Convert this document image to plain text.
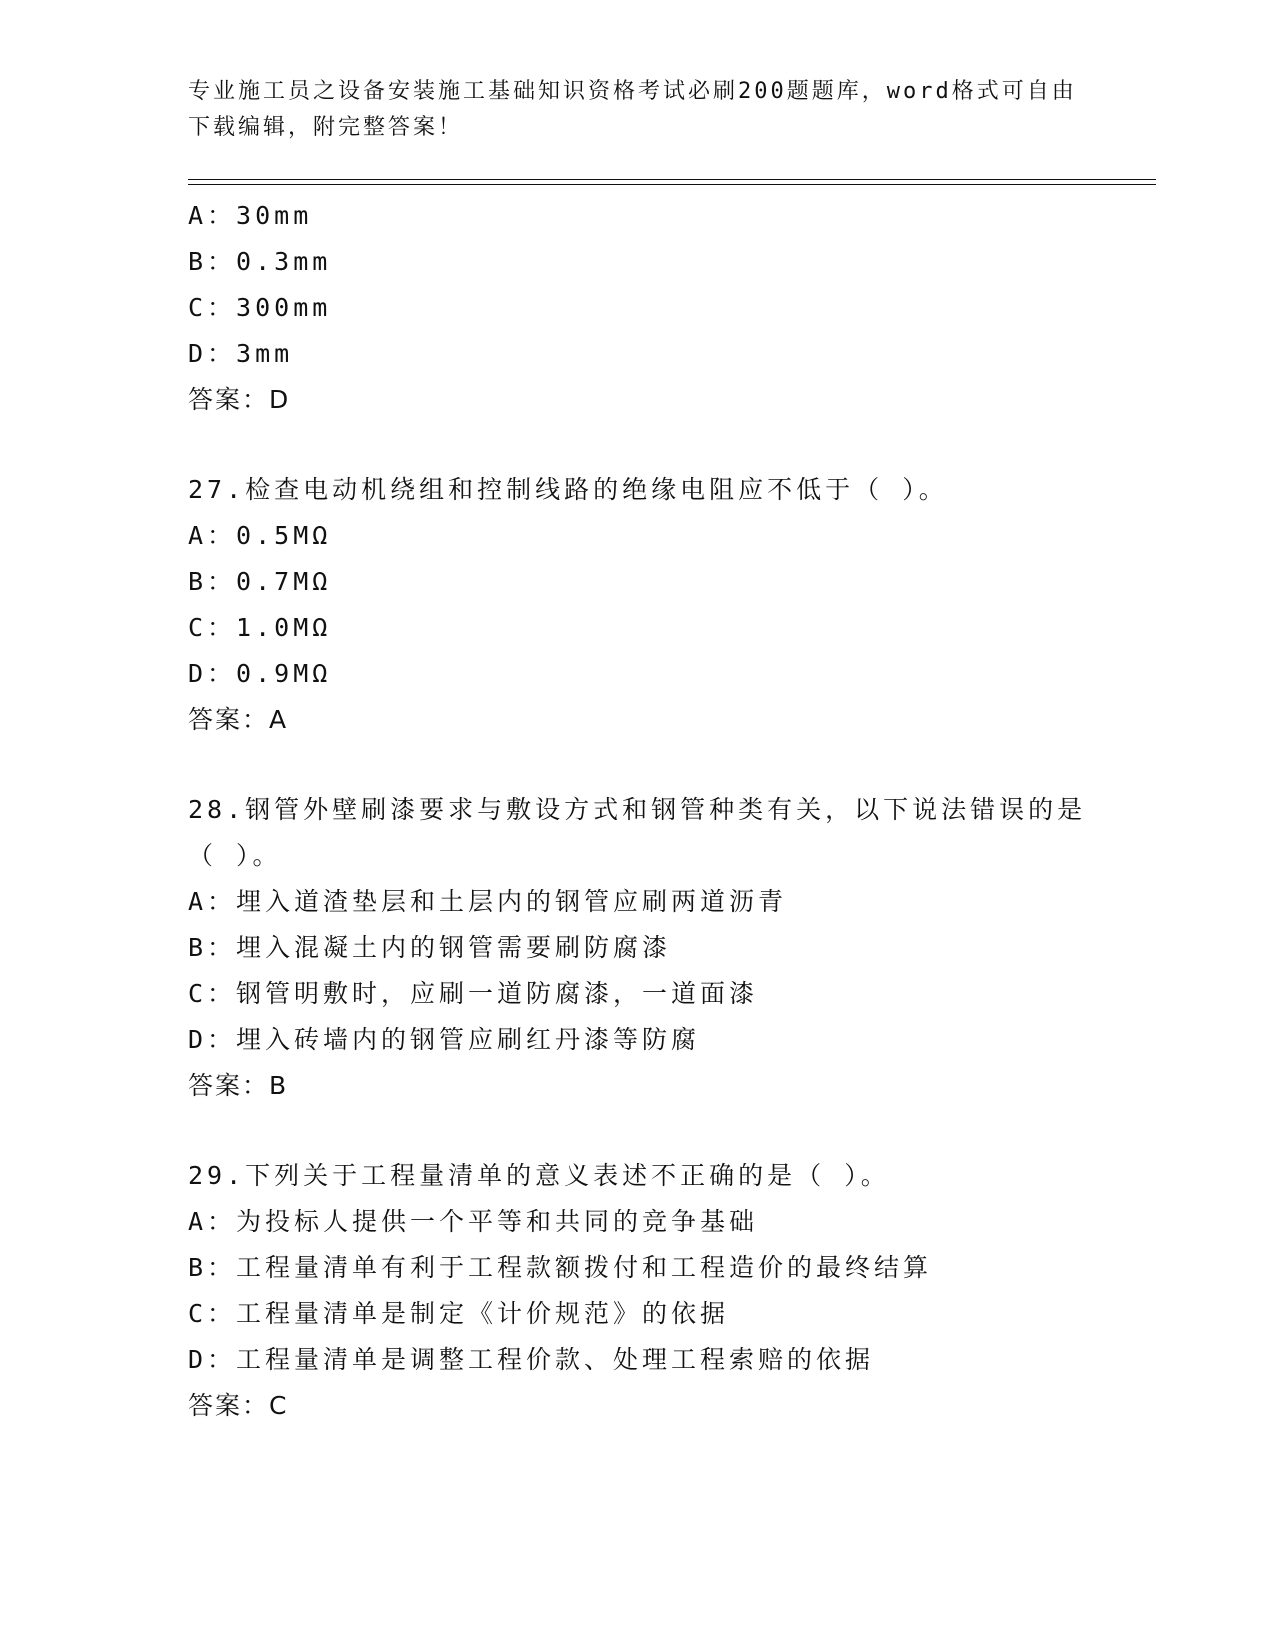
专业施工员之设备安装施工基础知识资格考试必刷200题题库，word格式可自由
下载编辑，附完整答案！
A：30mm
B：0.3mm
C：300mm
D：3mm
答案：D
27.检查电动机绕组和控制线路的绝缘电阻应不低于（ ）。
A：0.5MΩ
B：0.7MΩ
C：1.0MΩ
D：0.9MΩ
答案：A
28.钢管外壁刷漆要求与敷设方式和钢管种类有关，以下说法错误的是
（ ）。
A：埋入道渣垫层和土层内的钢管应刷两道沥青
B：埋入混凝土内的钢管需要刷防腐漆
C：钢管明敷时，应刷一道防腐漆，一道面漆
D：埋入砖墙内的钢管应刷红丹漆等防腐
答案：B
29.下列关于工程量清单的意义表述不正确的是（ ）。
A：为投标人提供一个平等和共同的竞争基础
B：工程量清单有利于工程款额拨付和工程造价的最终结算
C：工程量清单是制定《计价规范》的依据
D：工程量清单是调整工程价款、处理工程索赔的依据
答案：C
